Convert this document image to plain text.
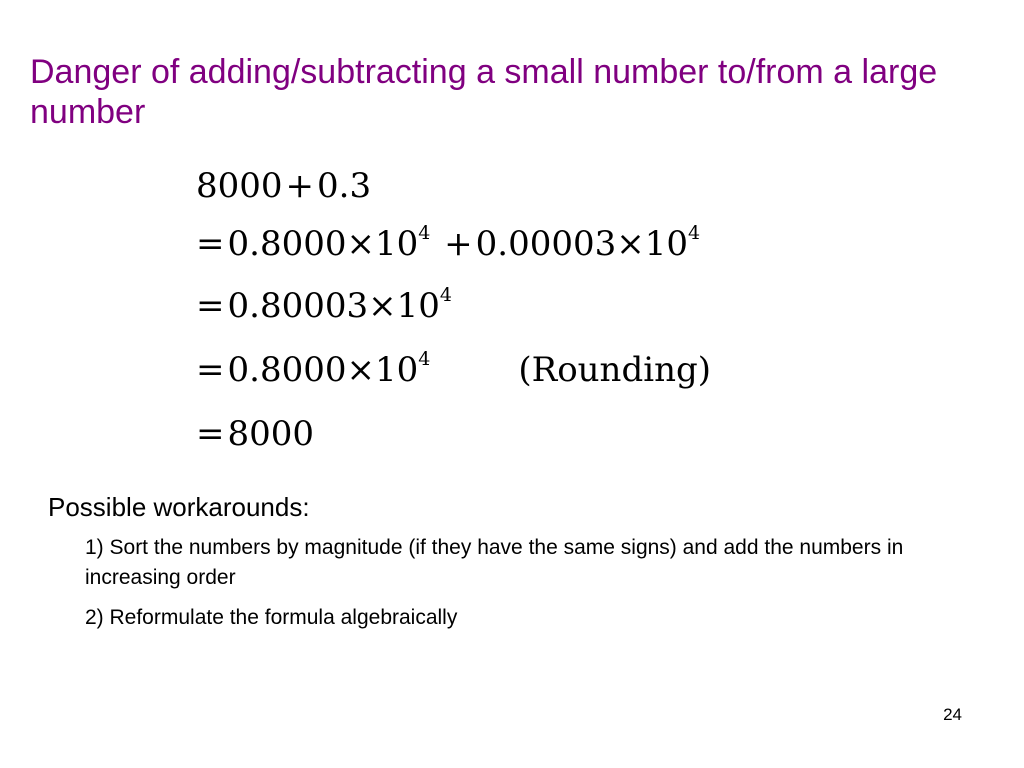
Danger of adding/subtracting a small number to/from a large number
8000+0.3
$=0.8000\times 10^4 +0.00003\times 10^4$
$=0.80003\times 10^4$
$=0.8000\times 10^4$	(Rounding)
=8000

Possible workarounds:

1) Sort the numbers by magnitude (if they have the same signs) and add the numbers in increasing order

2) Reformulate the formula algebraically

24
